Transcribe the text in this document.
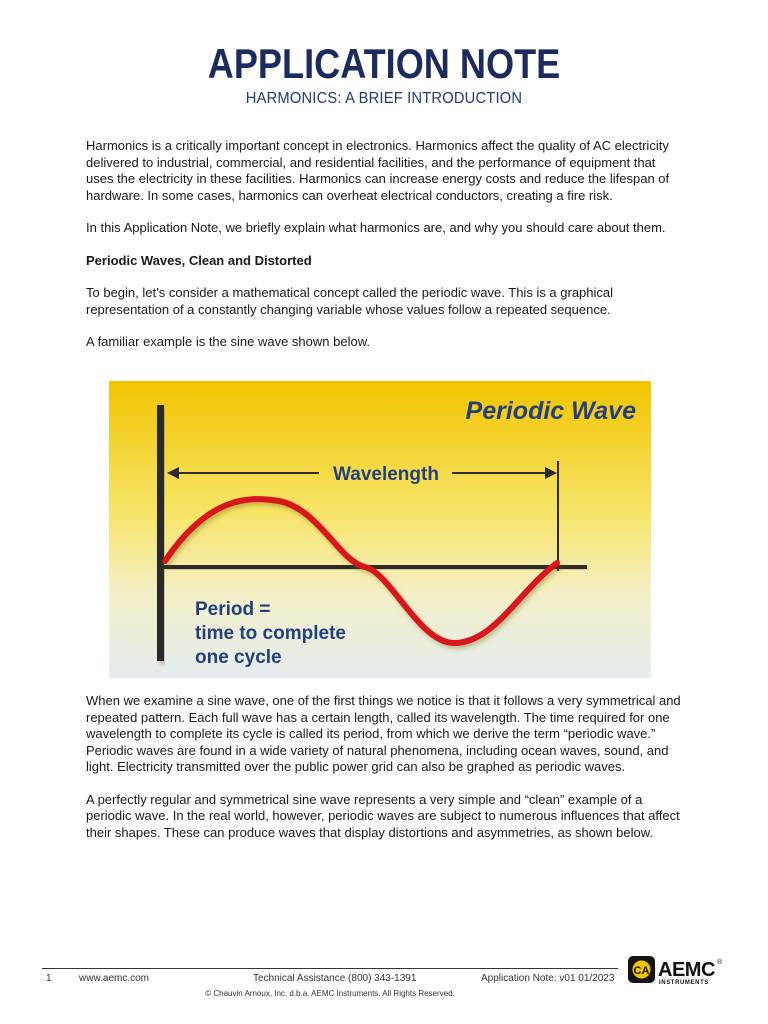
APPLICATION NOTE
HARMONICS: A BRIEF INTRODUCTION

Harmonics is a critically important concept in electronics. Harmonics affect the quality of AC electricity delivered to industrial, commercial, and residential facilities, and the performance of equipment that uses the electricity in these facilities. Harmonics can increase energy costs and reduce the lifespan of hardware. In some cases, harmonics can overheat electrical conductors, creating a fire risk.

In this Application Note, we briefly explain what harmonics are, and why you should care about them.

Periodic Waves, Clean and Distorted

To begin, let’s consider a mathematical concept called the periodic wave. This is a graphical representation of a constantly changing variable whose values follow a repeated sequence.

A familiar example is the sine wave shown below.

Periodic Wave
Wavelength
Period =
time to complete
one cycle

When we examine a sine wave, one of the first things we notice is that it follows a very symmetrical and repeated pattern. Each full wave has a certain length, called its wavelength. The time required for one wavelength to complete its cycle is called its period, from which we derive the term “periodic wave.” Periodic waves are found in a wide variety of natural phenomena, including ocean waves, sound, and light. Electricity transmitted over the public power grid can also be graphed as periodic waves.

A perfectly regular and symmetrical sine wave represents a very simple and “clean” example of a periodic wave. In the real world, however, periodic waves are subject to numerous influences that affect their shapes. These can produce waves that display distortions and asymmetries, as shown below.

1	www.aemc.com	Technical Assistance (800) 343-1391	Application Note: v01 01/2023
© Chauvin Arnoux, Inc. d.b.a. AEMC Instruments. All Rights Reserved.
CA AEMC ®
INSTRUMENTS
